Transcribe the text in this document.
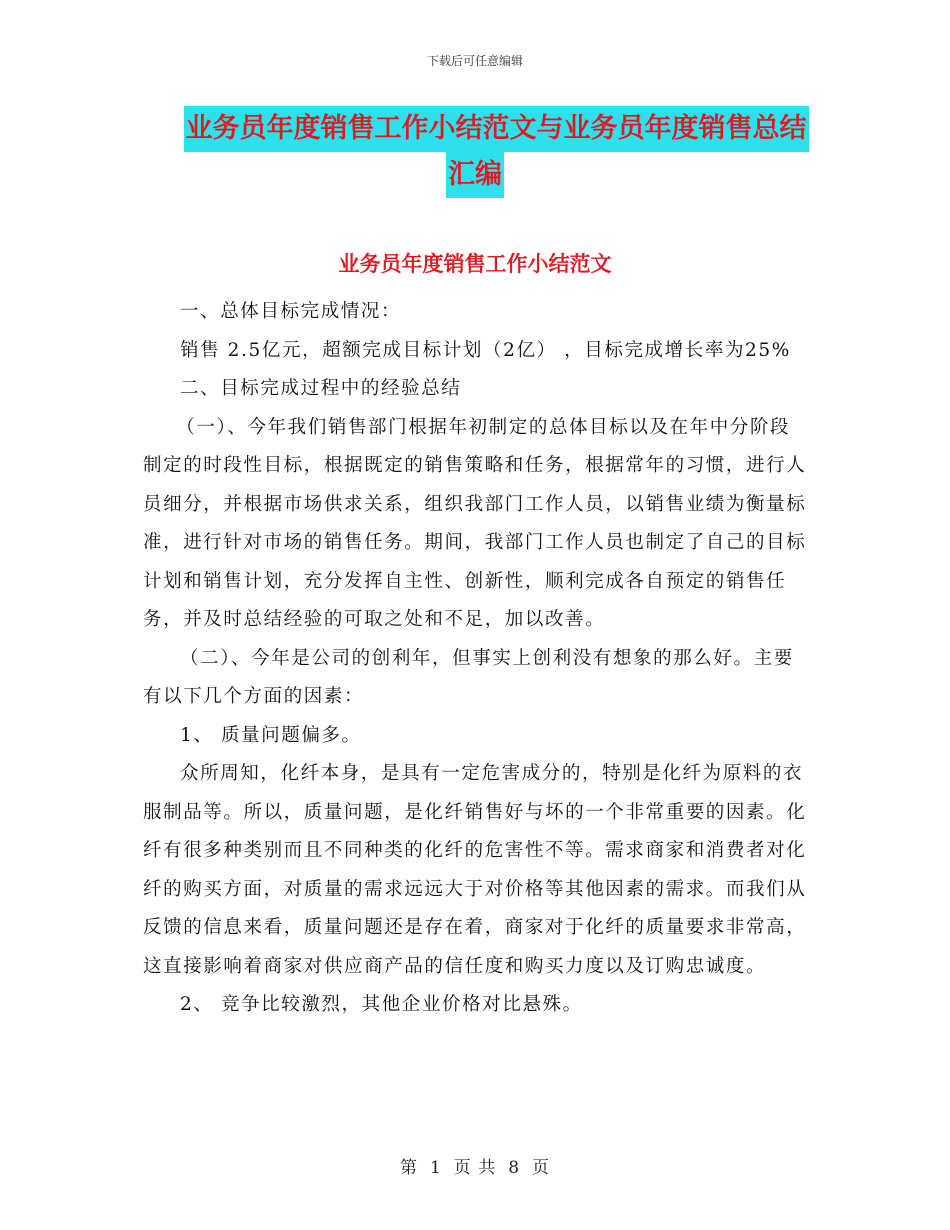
下载后可任意编辑
业务员年度销售工作小结范文与业务员年度销售总结
汇编
业务员年度销售工作小结范文

一、总体目标完成情况：

销售 2.5亿元，超额完成目标计划（2亿） ，目标完成增长率为25%

二、目标完成过程中的经验总结

（一）、今年我们销售部门根据年初制定的总体目标以及在年中分阶段制定的时段性目标，根据既定的销售策略和任务，根据常年的习惯，进行人员细分，并根据市场供求关系，组织我部门工作人员，以销售业绩为衡量标准，进行针对市场的销售任务。期间，我部门工作人员也制定了自己的目标计划和销售计划，充分发挥自主性、创新性，顺利完成各自预定的销售任务，并及时总结经验的可取之处和不足，加以改善。

（二）、今年是公司的创利年，但事实上创利没有想象的那么好。主要有以下几个方面的因素：

1、 质量问题偏多。

众所周知，化纤本身，是具有一定危害成分的，特别是化纤为原料的衣服制品等。所以，质量问题，是化纤销售好与坏的一个非常重要的因素。化纤有很多种类别而且不同种类的化纤的危害性不等。需求商家和消费者对化纤的购买方面，对质量的需求远远大于对价格等其他因素的需求。而我们从反馈的信息来看，质量问题还是存在着，商家对于化纤的质量要求非常高，这直接影响着商家对供应商产品的信任度和购买力度以及订购忠诚度。

2、 竞争比较激烈，其他企业价格对比悬殊。

第 1 页 共 8 页
